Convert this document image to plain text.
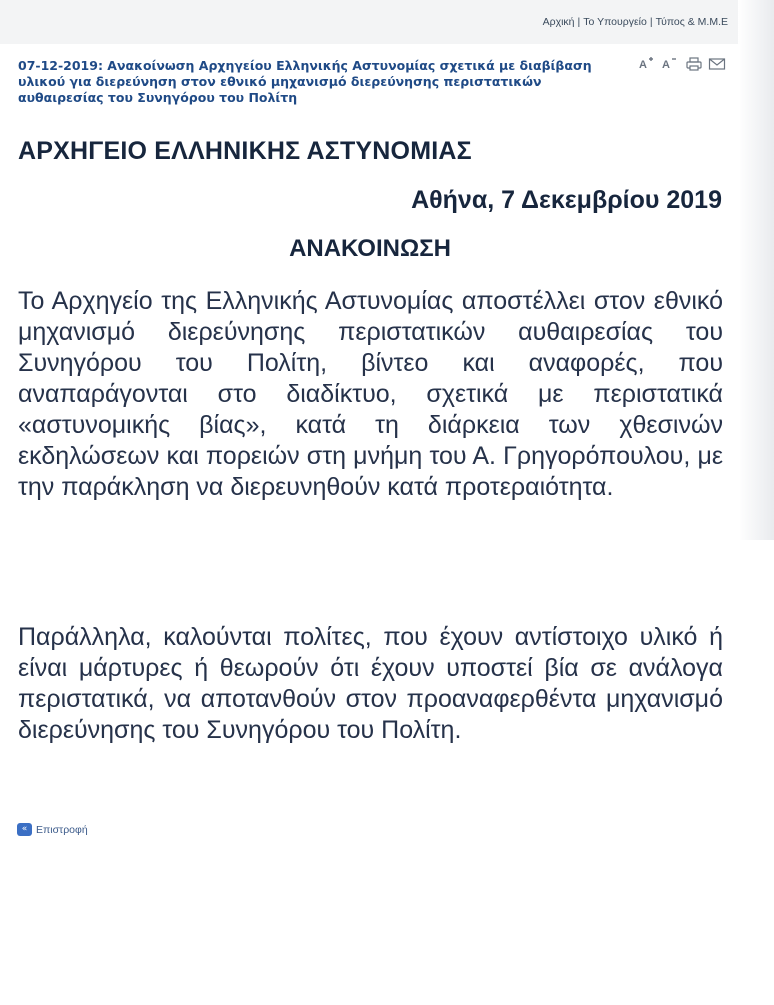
Αρχική | Το Υπουργείο | Τύπος & Μ.Μ.Ε
07-12-2019: Ανακοίνωση Αρχηγείου Ελληνικής Αστυνομίας σχετικά με διαβίβαση υλικού για διερεύνηση στον εθνικό μηχανισμό διερεύνησης περιστατικών αυθαιρεσίας του Συνηγόρου του Πολίτη
A A
ΑΡΧΗΓΕΙΟ ΕΛΛΗΝΙΚΗΣ ΑΣΤΥΝΟΜΙΑΣ
Αθήνα, 7 Δεκεμβρίου 2019
ΑΝΑΚΟΙΝΩΣΗ
Το Αρχηγείο της Ελληνικής Αστυνομίας αποστέλλει στον εθνικό μηχανισμό διερεύνησης περιστατικών αυθαιρεσίας του Συνηγόρου του Πολίτη, βίντεο και αναφορές, που αναπαράγονται στο διαδίκτυο, σχετικά με περιστατικά «αστυνομικής βίας», κατά τη διάρκεια των χθεσινών εκδηλώσεων και πορειών στη μνήμη του Α. Γρηγορόπουλου, με την παράκληση να διερευνηθούν κατά προτεραιότητα.
Παράλληλα, καλούνται πολίτες, που έχουν αντίστοιχο υλικό ή είναι μάρτυρες ή θεωρούν ότι έχουν υποστεί βία σε ανάλογα περιστατικά, να αποτανθούν στον προαναφερθέντα μηχανισμό διερεύνησης του Συνηγόρου του Πολίτη.
« Επιστροφή
